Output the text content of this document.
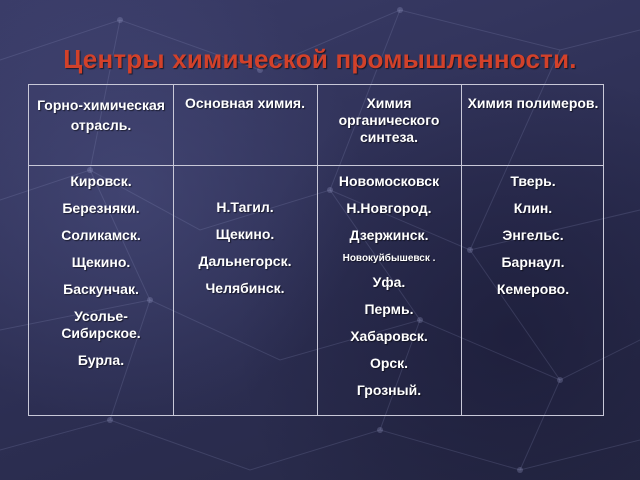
Центры химической промышленности.
Горно-химическая отрасль.
Основная химия.	Химия органического синтеза.
Химия полимеров.
Кировск.
Березняки.
Соликамск.
Щекино.
Баскунчак.
Усолье-Сибирское.
Бурла.
Н.Тагил.
Щекино.
Дальнегорск.
Челябинск.
Новомосковск
Н.Новгород.
Дзержинск.
Новокуйбышевск .
Уфа.
Пермь.
Хабаровск.
Орск.
Грозный.
Тверь.
Клин.
Энгельс.
Барнаул.
Кемерово.
